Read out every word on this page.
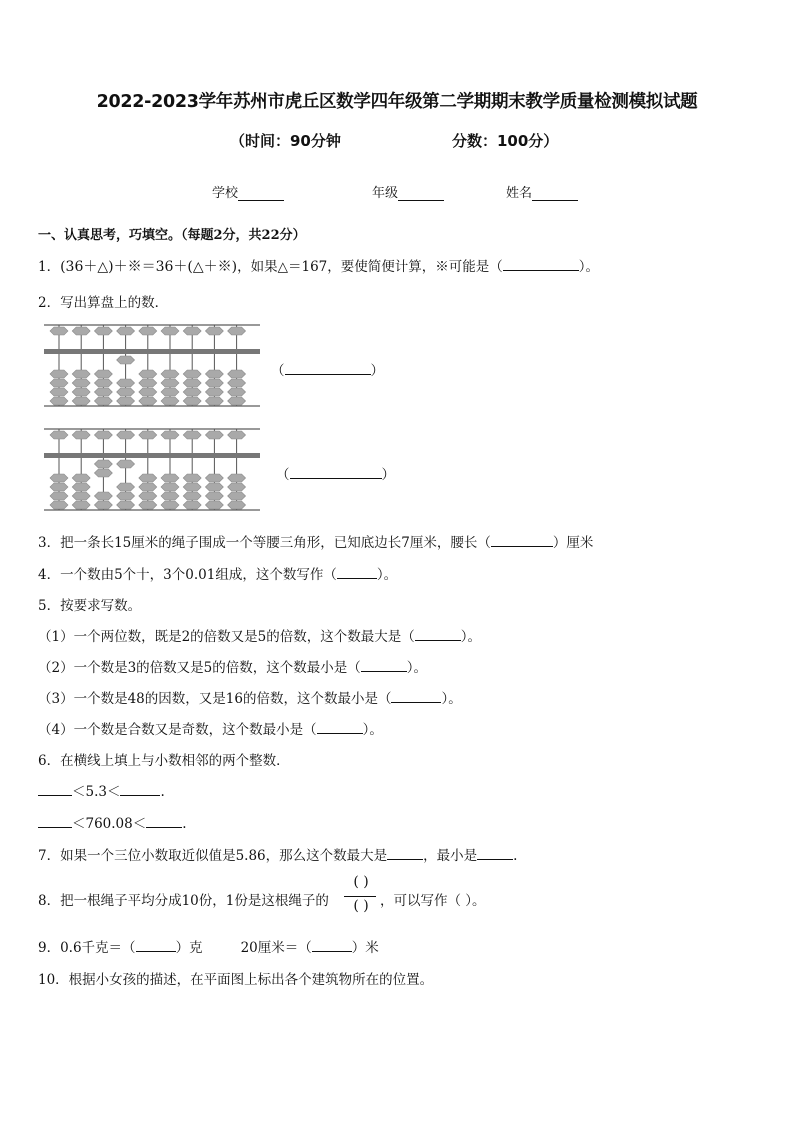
2022-2023学年苏州市虎丘区数学四年级第二学期期末教学质量检测模拟试题
（时间：90分钟	分数：100分）
学校	年级	姓名
一、认真思考，巧填空。（每题2分，共22分）
1．(36＋△)＋※＝36＋(△＋※)，如果△＝167，要使简便计算，※可能是（	）。
2．写出算盘上的数．
（	）
（	）
3．把一条长15厘米的绳子围成一个等腰三角形，已知底边长7厘米，腰长（	）厘米
4．一个数由5个十，3个0.01组成，这个数写作（	）。
5．按要求写数。
（1）一个两位数，既是2的倍数又是5的倍数，这个数最大是（	）。
（2）一个数是3的倍数又是5的倍数，这个数最小是（	）。
（3）一个数是48的因数，又是16的倍数，这个数最小是（	）。
（4）一个数是合数又是奇数，这个数最小是（	）。
6．在横线上填上与小数相邻的两个整数．
＜5.3＜	.
＜760.08＜	.
7．如果一个三位小数取近似值是5.86，那么这个数最大是	，最小是	.
8．把一根绳子平均分成10份，1份是这根绳子的
( )
( ) ，可以写作（ ）。
9．0.6千克＝（	）克	20厘米＝（	）米
10．根据小女孩的描述，在平面图上标出各个建筑物所在的位置。
